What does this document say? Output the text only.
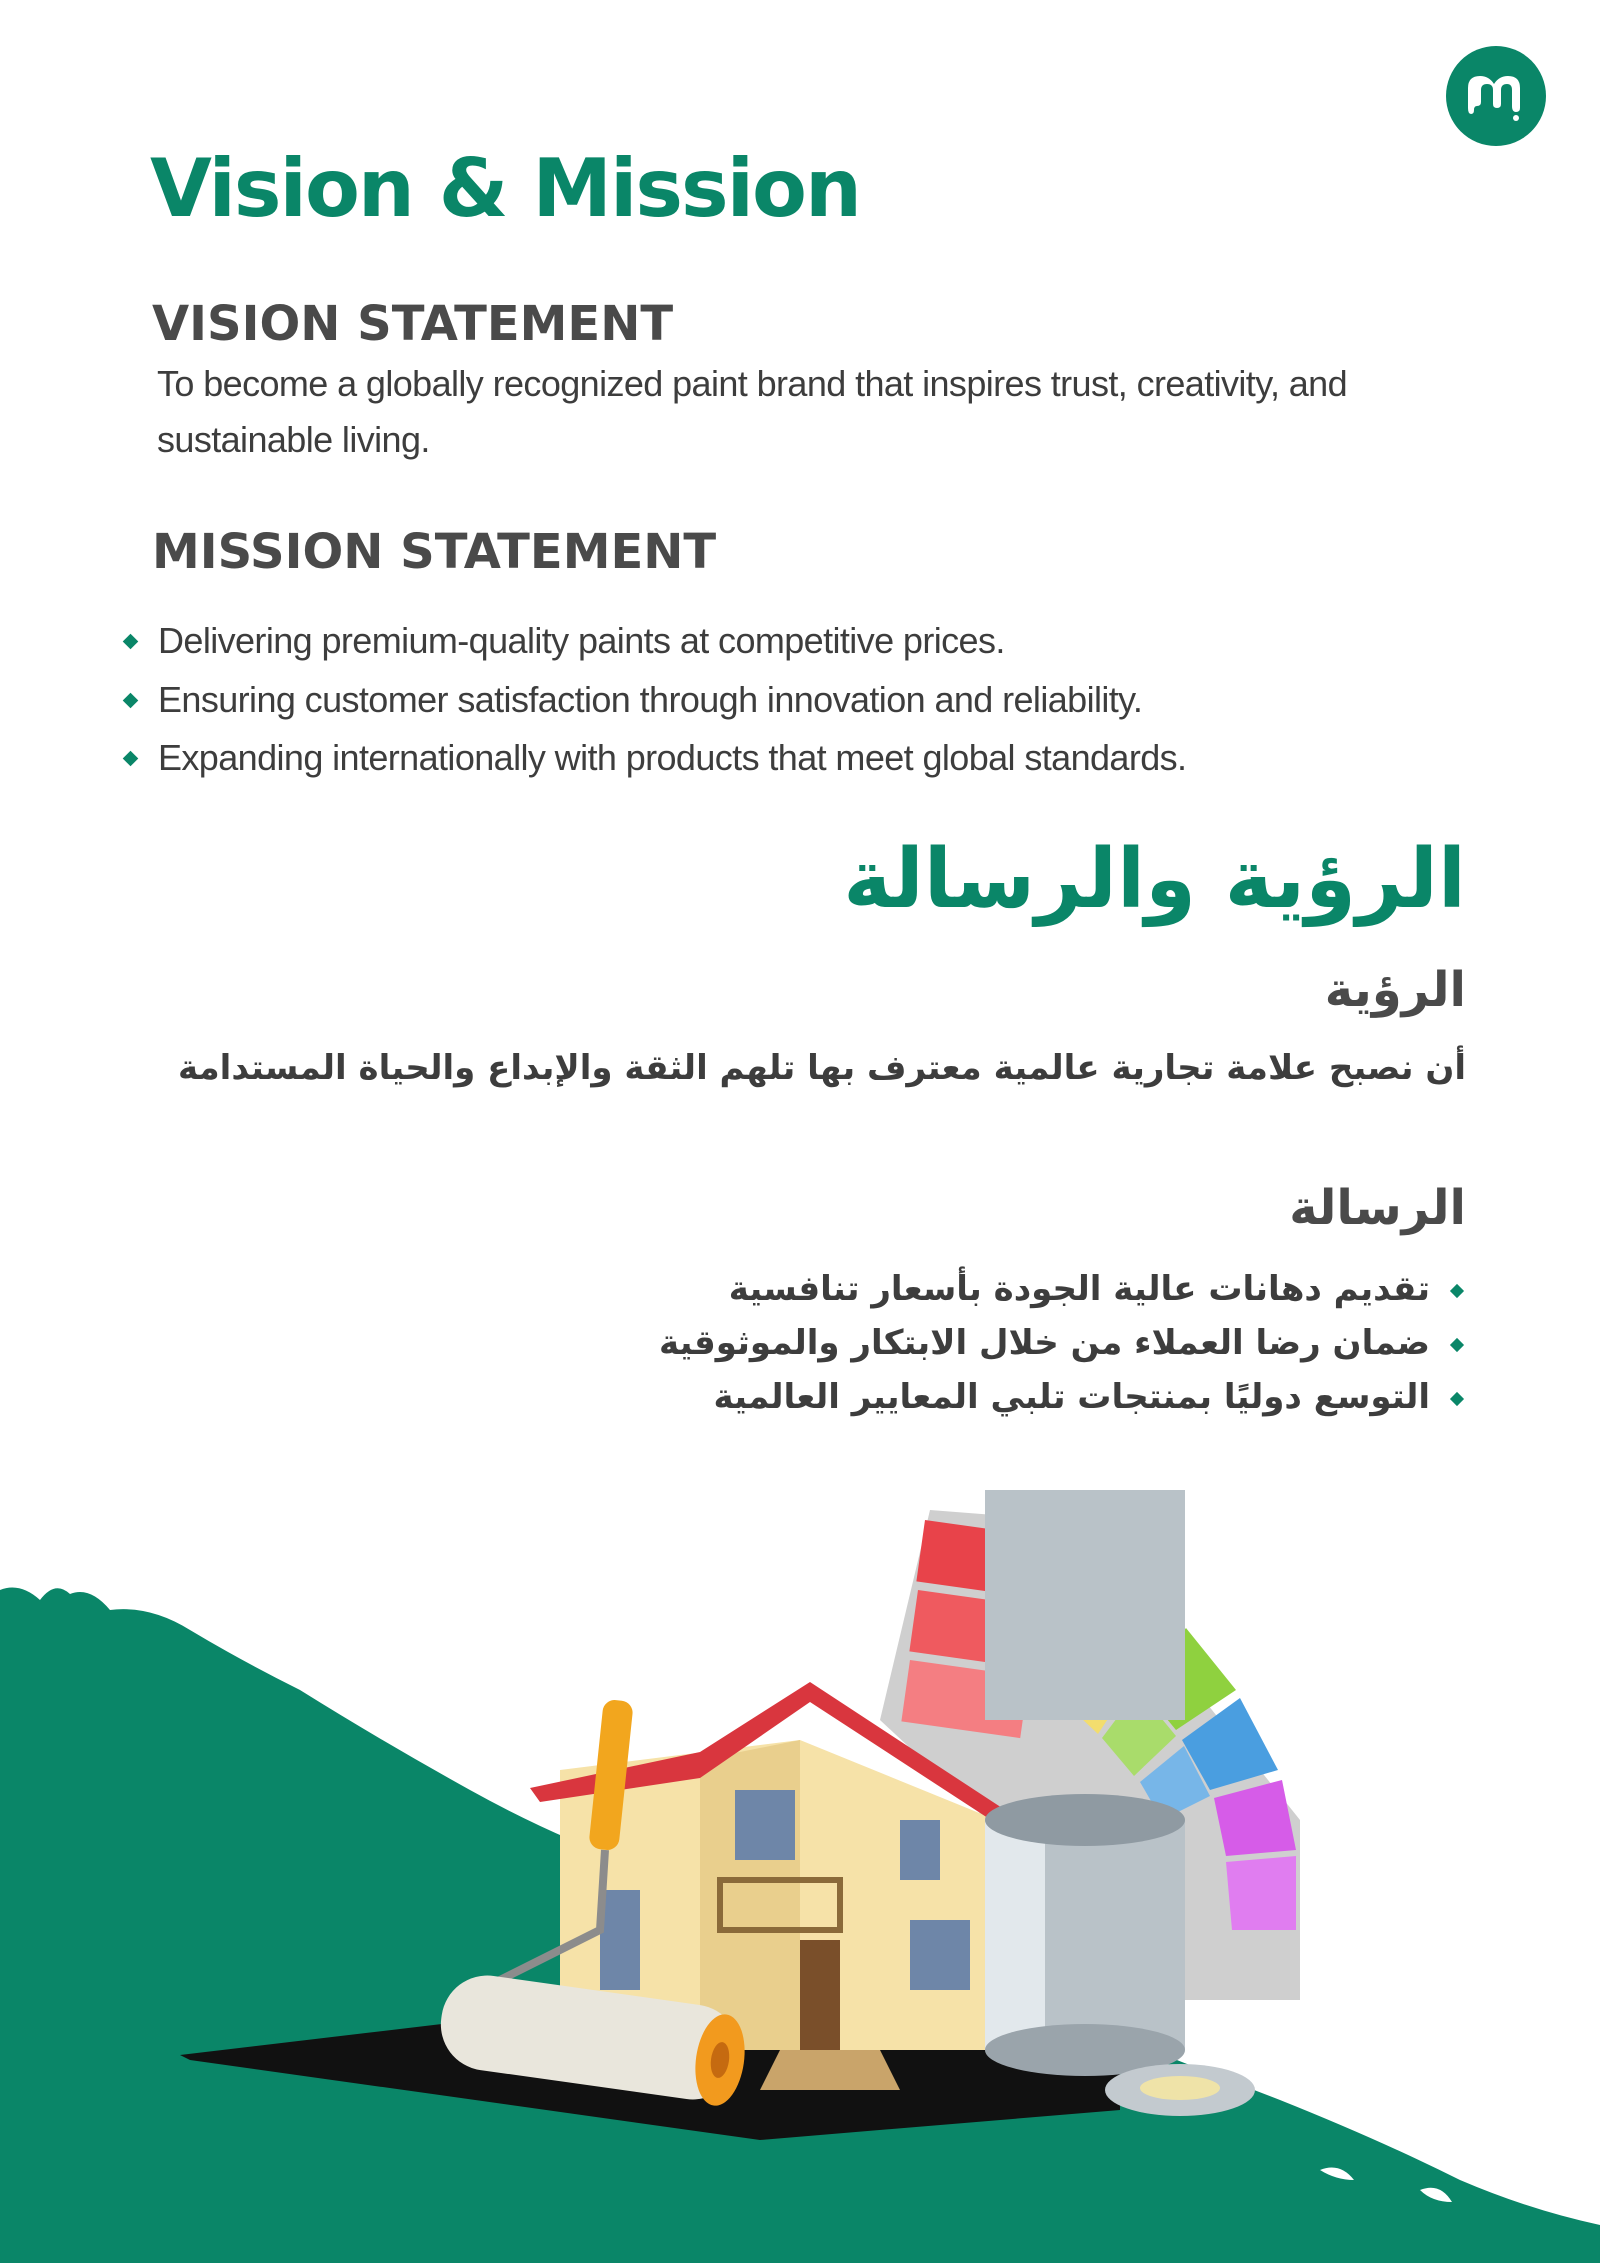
Vision & Mission
VISION STATEMENT
To become a globally recognized paint brand that inspires trust, creativity, and sustainable living.
MISSION STATEMENT
Delivering premium-quality paints at competitive prices.
Ensuring customer satisfaction through innovation and reliability.
Expanding internationally with products that meet global standards.
الرؤية والرسالة
الرؤية
أن نصبح علامة تجارية عالمية معترف بها تلهم الثقة والإبداع والحياة المستدامة
الرسالة
تقديم دهانات عالية الجودة بأسعار تنافسية
ضمان رضا العملاء من خلال الابتكار والموثوقية
التوسع دوليًا بمنتجات تلبي المعايير العالمية
